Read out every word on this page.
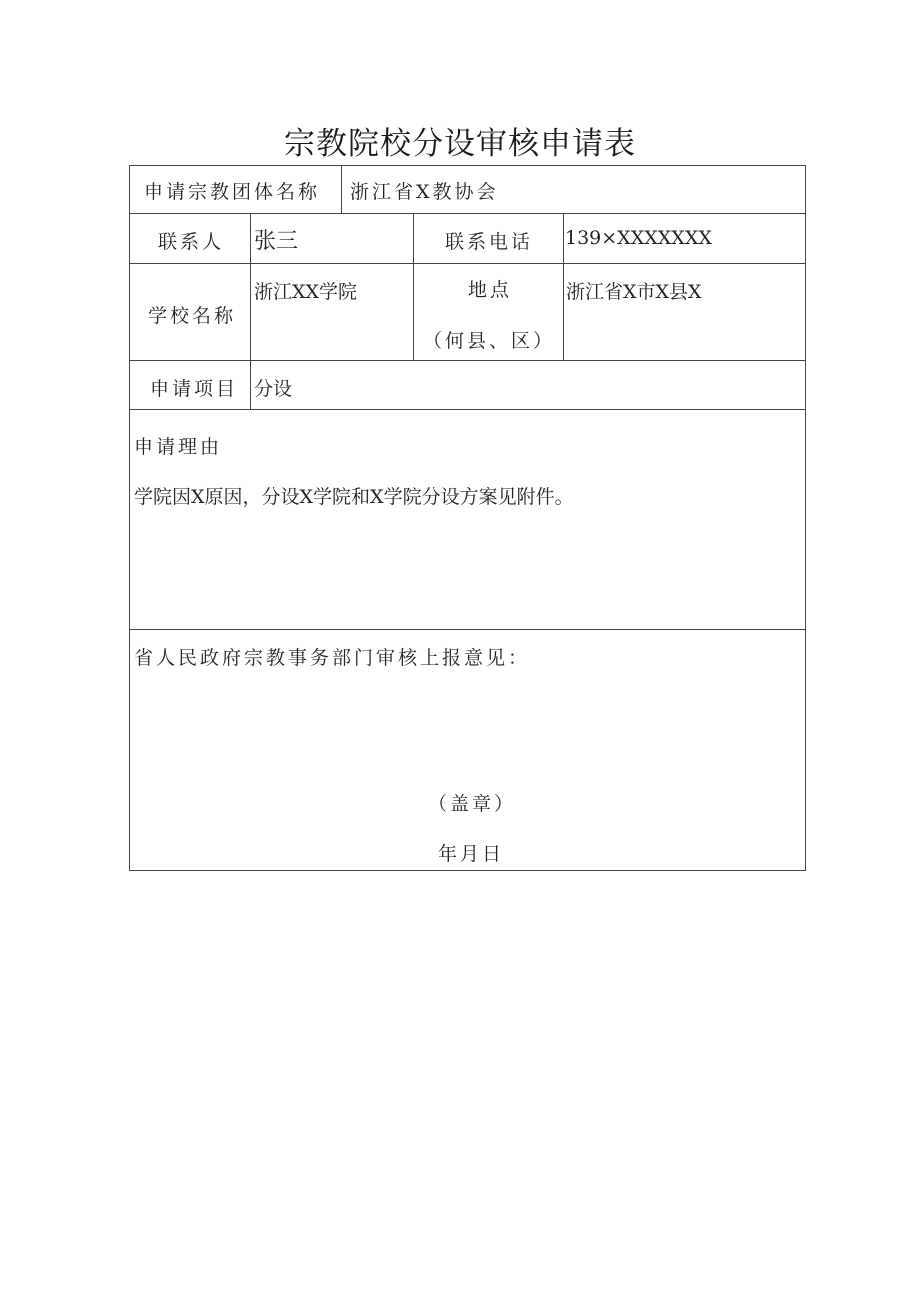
宗教院校分设审核申请表
申请宗教团体名称 浙江省X教协会
联系人 张三	联系电话 139×XXXXXXX
学校名称
浙江XX学院	地点
（何县、区）
浙江省X市X县X
申请项目 分设
申请理由
学院因X原因，分设X学院和X学院分设方案见附件。
省人民政府宗教事务部门审核上报意见：
（盖章）
年月日
